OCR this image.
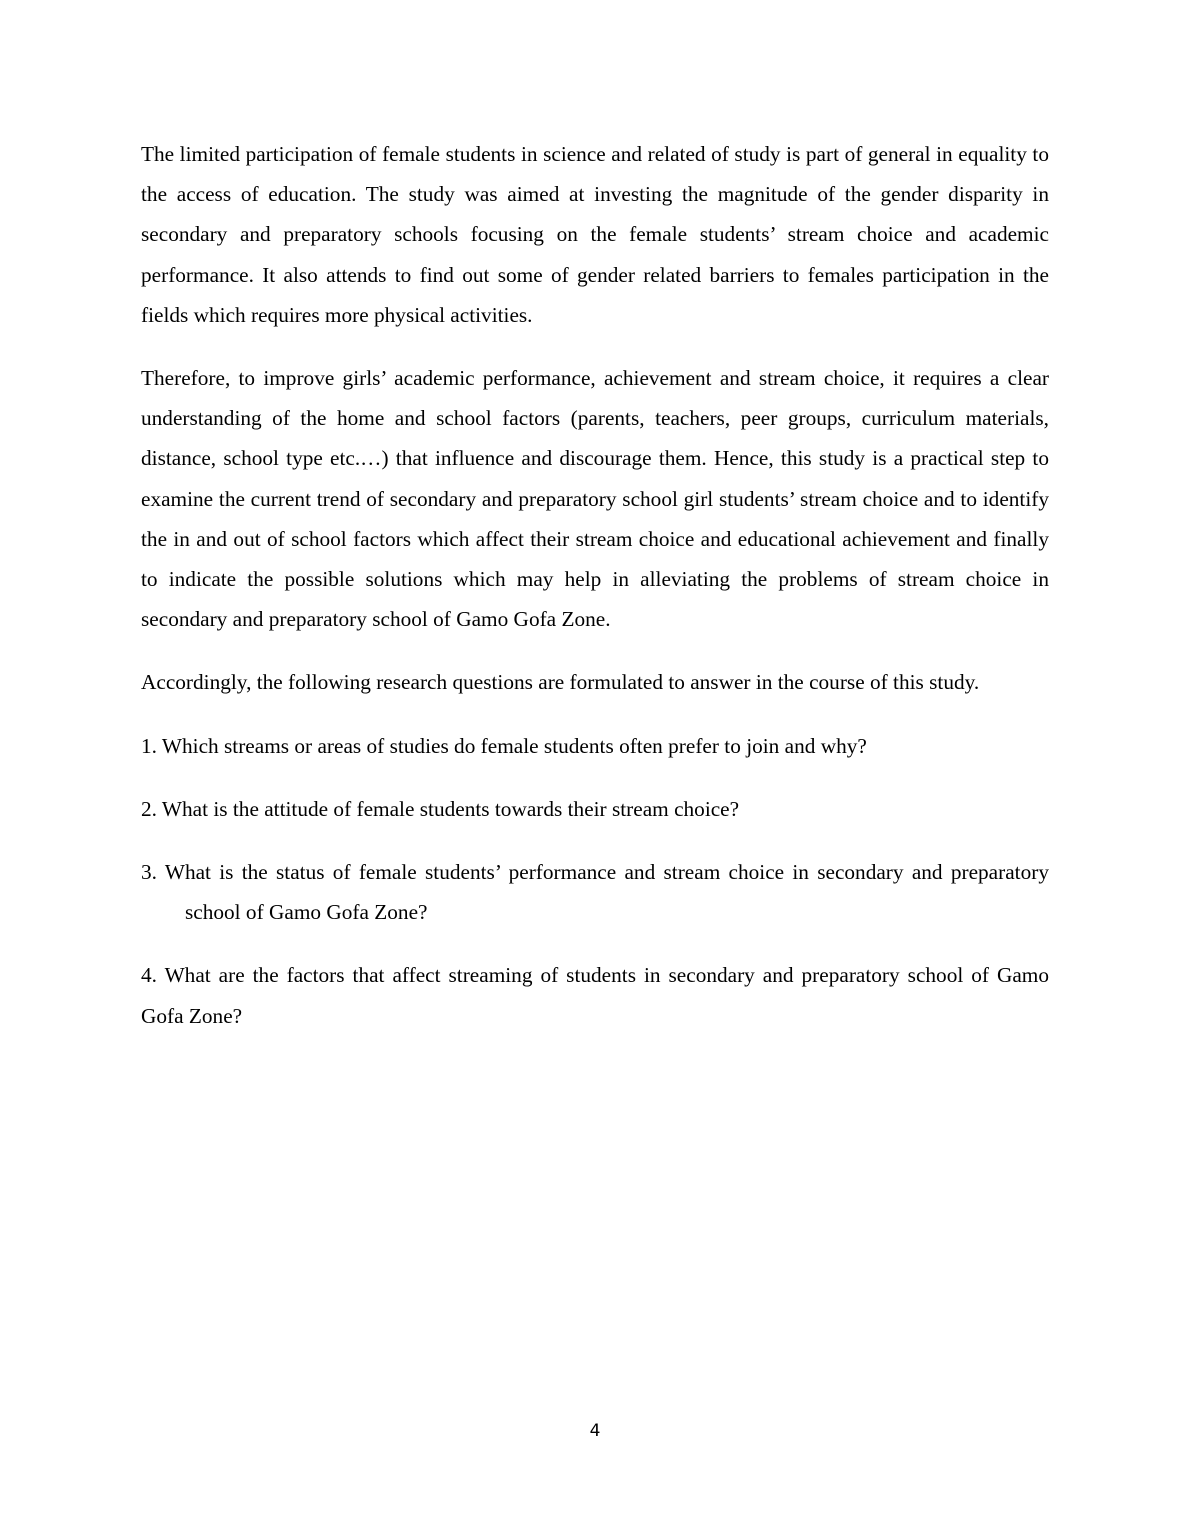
The limited participation of female students in science and related of study is part of general in equality to the access of education. The study was aimed at investing the magnitude of the gender disparity in secondary and preparatory schools focusing on the female students’ stream choice and academic performance. It also attends to find out some of gender related barriers to females participation in the fields which requires more physical activities.

Therefore, to improve girls’ academic performance, achievement and stream choice, it requires a clear understanding of the home and school factors (parents, teachers, peer groups, curriculum materials, distance, school type etc.…) that influence and discourage them. Hence, this study is a practical step to examine the current trend of secondary and preparatory school girl students’ stream choice and to identify the in and out of school factors which affect their stream choice and educational achievement and finally to indicate the possible solutions which may help in alleviating the problems of stream choice in secondary and preparatory school of Gamo Gofa Zone.

Accordingly, the following research questions are formulated to answer in the course of this study.

1. Which streams or areas of studies do female students often prefer to join and why?

2. What is the attitude of female students towards their stream choice?

3. What is the status of female students’ performance and stream choice in secondary and preparatory school of Gamo Gofa Zone?

4. What are the factors that affect streaming of students in secondary and preparatory school of Gamo Gofa Zone?

4
